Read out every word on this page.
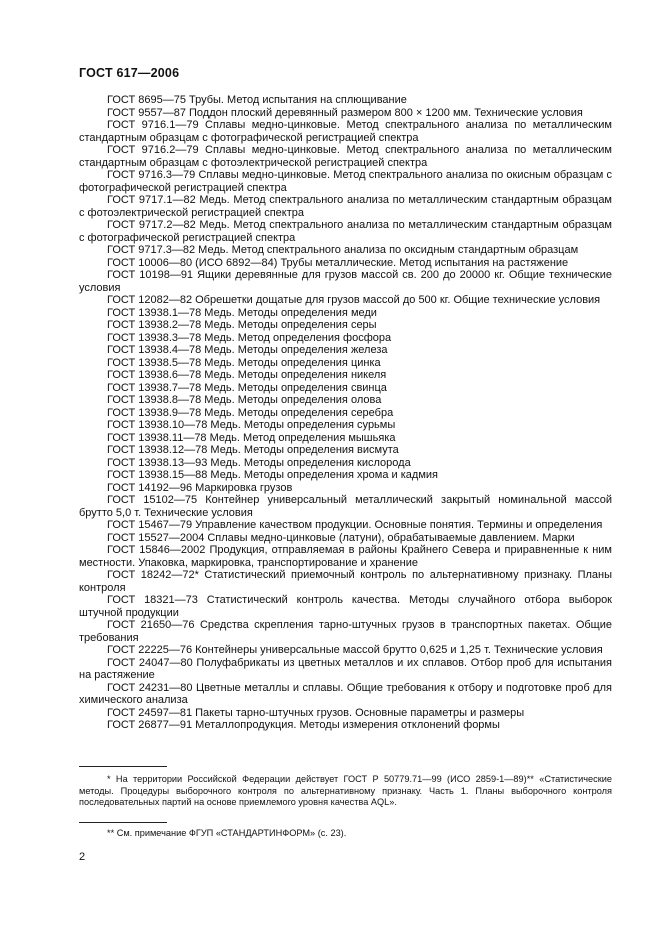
ГОСТ 617—2006

ГОСТ 8695—75 Трубы. Метод испытания на сплющивание

ГОСТ 9557—87 Поддон плоский деревянный размером 800 × 1200 мм. Технические условия

ГОСТ 9716.1—79 Сплавы медно-цинковые. Метод спектрального анализа по металлическим стандартным образцам с фотографической регистрацией спектра

ГОСТ 9716.2—79 Сплавы медно-цинковые. Метод спектрального анализа по металлическим стандартным образцам с фотоэлектрической регистрацией спектра

ГОСТ 9716.3—79 Сплавы медно-цинковые. Метод спектрального анализа по окисным образцам с фотографической регистрацией спектра

ГОСТ 9717.1—82 Медь. Метод спектрального анализа по металлическим стандартным образцам с фотоэлектрической регистрацией спектра

ГОСТ 9717.2—82 Медь. Метод спектрального анализа по металлическим стандартным образцам с фотографической регистрацией спектра

ГОСТ 9717.3—82 Медь. Метод спектрального анализа по оксидным стандартным образцам

ГОСТ 10006—80 (ИСО 6892—84) Трубы металлические. Метод испытания на растяжение

ГОСТ 10198—91 Ящики деревянные для грузов массой св. 200 до 20000 кг. Общие технические условия

ГОСТ 12082—82 Обрешетки дощатые для грузов массой до 500 кг. Общие технические условия

ГОСТ 13938.1—78 Медь. Методы определения меди

ГОСТ 13938.2—78 Медь. Методы определения серы

ГОСТ 13938.3—78 Медь. Метод определения фосфора

ГОСТ 13938.4—78 Медь. Методы определения железа

ГОСТ 13938.5—78 Медь. Методы определения цинка

ГОСТ 13938.6—78 Медь. Методы определения никеля

ГОСТ 13938.7—78 Медь. Методы определения свинца

ГОСТ 13938.8—78 Медь. Методы определения олова

ГОСТ 13938.9—78 Медь. Методы определения серебра

ГОСТ 13938.10—78 Медь. Методы определения сурьмы

ГОСТ 13938.11—78 Медь. Метод определения мышьяка

ГОСТ 13938.12—78 Медь. Методы определения висмута

ГОСТ 13938.13—93 Медь. Методы определения кислорода

ГОСТ 13938.15—88 Медь. Методы определения хрома и кадмия

ГОСТ 14192—96 Маркировка грузов

ГОСТ 15102—75 Контейнер универсальный металлический закрытый номинальной массой брутто 5,0 т. Технические условия

ГОСТ 15467—79 Управление качеством продукции. Основные понятия. Термины и определения

ГОСТ 15527—2004 Сплавы медно-цинковые (латуни), обрабатываемые давлением. Марки

ГОСТ 15846—2002 Продукция, отправляемая в районы Крайнего Севера и приравненные к ним местности. Упаковка, маркировка, транспортирование и хранение

ГОСТ 18242—72* Статистический приемочный контроль по альтернативному признаку. Планы контроля

ГОСТ 18321—73 Статистический контроль качества. Методы случайного отбора выборок штучной продукции

ГОСТ 21650—76 Средства скрепления тарно-штучных грузов в транспортных пакетах. Общие требования

ГОСТ 22225—76 Контейнеры универсальные массой брутто 0,625 и 1,25 т. Технические условия

ГОСТ 24047—80 Полуфабрикаты из цветных металлов и их сплавов. Отбор проб для испытания на растяжение

ГОСТ 24231—80 Цветные металлы и сплавы. Общие требования к отбору и подготовке проб для химического анализа

ГОСТ 24597—81 Пакеты тарно-штучных грузов. Основные параметры и размеры

ГОСТ 26877—91 Металлопродукция. Методы измерения отклонений формы

* На территории Российской Федерации действует ГОСТ Р 50779.71—99 (ИСО 2859-1—89)** «Статистические методы. Процедуры выборочного контроля по альтернативному признаку. Часть 1. Планы выборочного контроля последовательных партий на основе приемлемого уровня качества AQL».

** См. примечание ФГУП «СТАНДАРТИНФОРМ» (с. 23).

2
